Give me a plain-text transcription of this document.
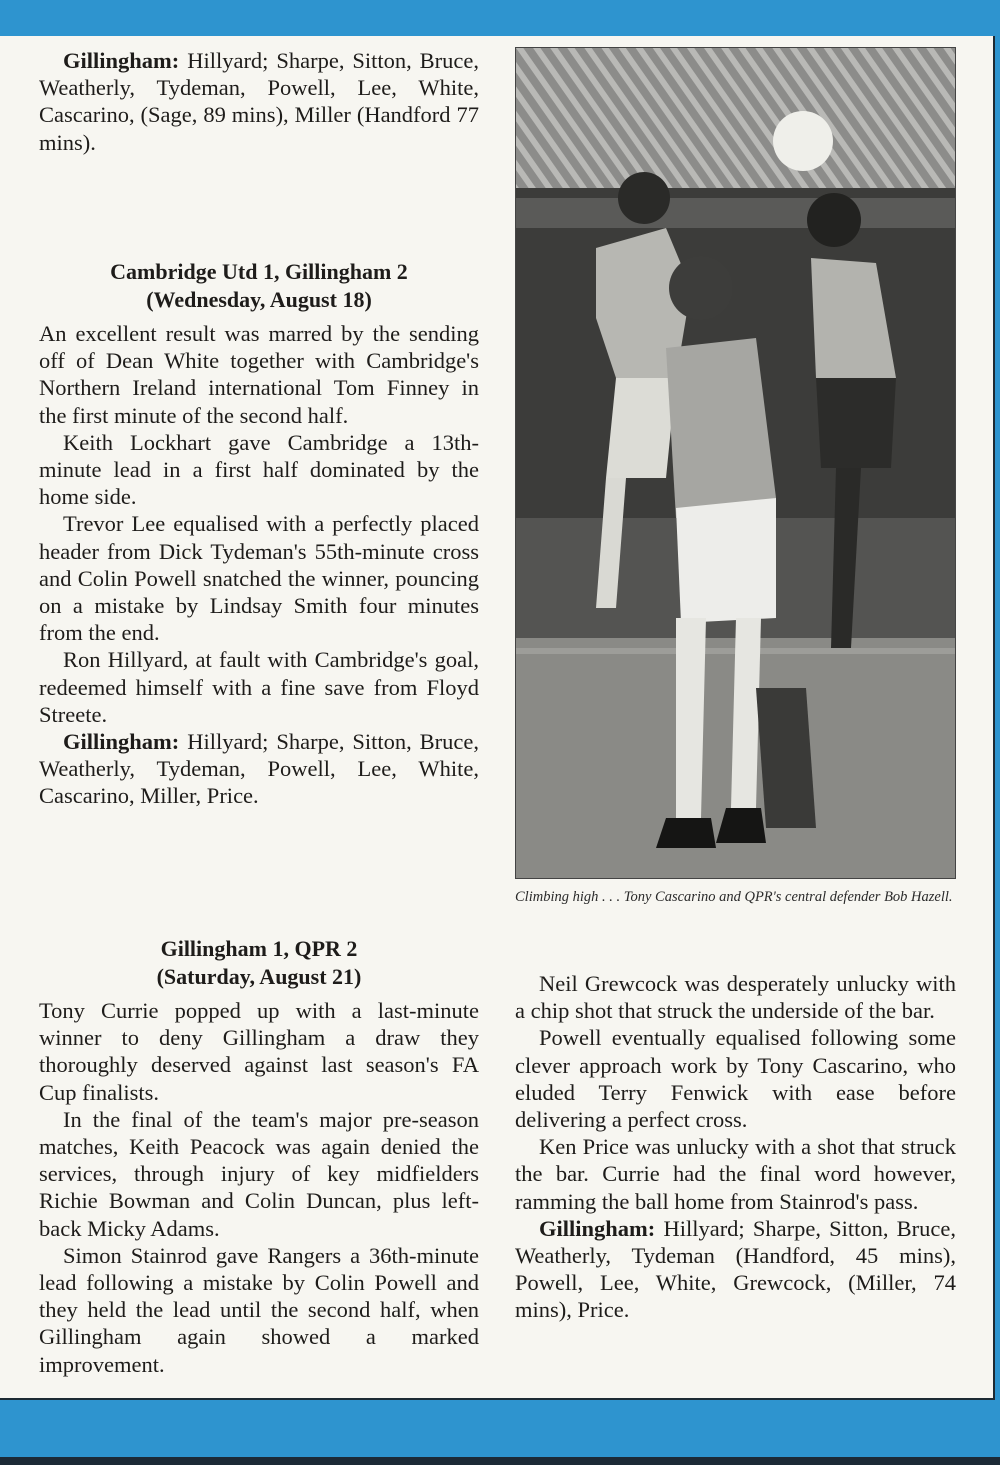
Gillingham: Hillyard; Sharpe, Sitton, Bruce, Weatherly, Tydeman, Powell, Lee, White, Cascarino, (Sage, 89 mins), Miller (Handford 77 mins).

Cambridge Utd 1, Gillingham 2
(Wednesday, August 18)

An excellent result was marred by the sending off of Dean White together with Cambridge's Northern Ireland international Tom Finney in the first minute of the second half.

Keith Lockhart gave Cambridge a 13th-minute lead in a first half dominated by the home side.

Trevor Lee equalised with a perfectly placed header from Dick Tydeman's 55th-minute cross and Colin Powell snatched the winner, pouncing on a mistake by Lindsay Smith four minutes from the end.

Ron Hillyard, at fault with Cambridge's goal, redeemed himself with a fine save from Floyd Streete.

Gillingham: Hillyard; Sharpe, Sitton, Bruce, Weatherly, Tydeman, Powell, Lee, White, Cascarino, Miller, Price.

Climbing high . . . Tony Cascarino and QPR's central defender Bob Hazell.
Gillingham 1, QPR 2
(Saturday, August 21)

Tony Currie popped up with a last-minute winner to deny Gillingham a draw they thoroughly deserved against last season's FA Cup finalists.

In the final of the team's major pre-season matches, Keith Peacock was again denied the services, through injury of key midfielders Richie Bowman and Colin Duncan, plus left-back Micky Adams.

Simon Stainrod gave Rangers a 36th-minute lead following a mistake by Colin Powell and they held the lead until the second half, when Gillingham again showed a marked improvement.

Neil Grewcock was desperately unlucky with a chip shot that struck the underside of the bar.

Powell eventually equalised following some clever approach work by Tony Cascarino, who eluded Terry Fenwick with ease before delivering a perfect cross.

Ken Price was unlucky with a shot that struck the bar. Currie had the final word however, ramming the ball home from Stainrod's pass.

Gillingham: Hillyard; Sharpe, Sitton, Bruce, Weatherly, Tydeman (Handford, 45 mins), Powell, Lee, White, Grewcock, (Miller, 74 mins), Price.
